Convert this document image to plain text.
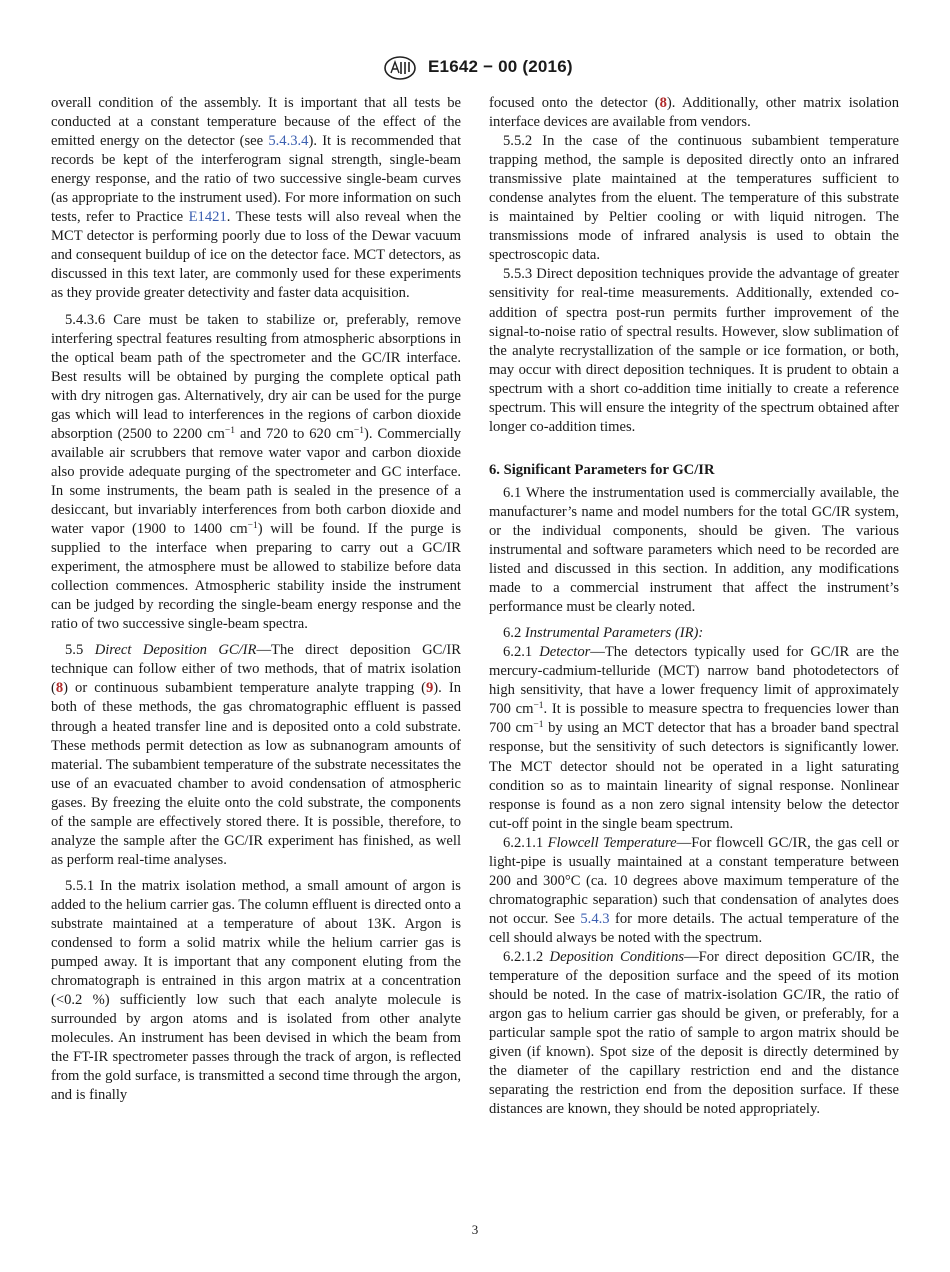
E1642 − 00 (2016)

overall condition of the assembly. It is important that all tests be conducted at a constant temperature because of the effect of the emitted energy on the detector (see 5.4.3.4). It is recommended that records be kept of the interferogram signal strength, single-beam energy response, and the ratio of two successive single-beam curves (as appropriate to the instrument used). For more information on such tests, refer to Practice E1421. These tests will also reveal when the MCT detector is performing poorly due to loss of the Dewar vacuum and consequent buildup of ice on the detector face. MCT detectors, as discussed in this text later, are commonly used for these experiments as they provide greater detectivity and faster data acquisition.

5.4.3.6 Care must be taken to stabilize or, preferably, remove interfering spectral features resulting from atmospheric absorptions in the optical beam path of the spectrometer and the GC/IR interface. Best results will be obtained by purging the complete optical path with dry nitrogen gas. Alternatively, dry air can be used for the purge gas which will lead to interferences in the regions of carbon dioxide absorption (2500 to 2200 $cm^{-1}$ and 720 to 620 $cm^{-1}$). Commercially available air scrubbers that remove water vapor and carbon dioxide also provide adequate purging of the spectrometer and GC interface. In some instruments, the beam path is sealed in the presence of a desiccant, but invariably interferences from both carbon dioxide and water vapor (1900 to 1400 $cm^{-1}$) will be found. If the purge is supplied to the interface when preparing to carry out a GC/IR experiment, the atmosphere must be allowed to stabilize before data collection commences. Atmospheric stability inside the instrument can be judged by recording the single-beam energy response and the ratio of two successive single-beam spectra.

5.5 Direct Deposition GC/IR—The direct deposition GC/IR technique can follow either of two methods, that of matrix isolation (8) or continuous subambient temperature analyte trapping (9). In both of these methods, the gas chromatographic effluent is passed through a heated transfer line and is deposited onto a cold substrate. These methods permit detection as low as subnanogram amounts of material. The subambient temperature of the substrate necessitates the use of an evacuated chamber to avoid condensation of atmospheric gases. By freezing the eluite onto the cold substrate, the components of the sample are effectively stored there. It is possible, therefore, to analyze the sample after the GC/IR experiment has finished, as well as perform real-time analyses.

5.5.1 In the matrix isolation method, a small amount of argon is added to the helium carrier gas. The column effluent is directed onto a substrate maintained at a temperature of about 13K. Argon is condensed to form a solid matrix while the helium carrier gas is pumped away. It is important that any component eluting from the chromatograph is entrained in this argon matrix at a concentration (<0.2 %) sufficiently low such that each analyte molecule is surrounded by argon atoms and is isolated from other analyte molecules. An instrument has been devised in which the beam from the FT-IR spectrometer passes through the track of argon, is reflected from the gold surface, is transmitted a second time through the argon, and is finally

focused onto the detector (8). Additionally, other matrix isolation interface devices are available from vendors.

5.5.2 In the case of the continuous subambient temperature trapping method, the sample is deposited directly onto an infrared transmissive plate maintained at the temperatures sufficient to condense analytes from the eluent. The temperature of this substrate is maintained by Peltier cooling or with liquid nitrogen. The transmissions mode of infrared analysis is used to obtain the spectroscopic data.

5.5.3 Direct deposition techniques provide the advantage of greater sensitivity for real-time measurements. Additionally, extended co-addition of spectra post-run permits further improvement of the signal-to-noise ratio of spectral results. However, slow sublimation of the analyte recrystallization of the sample or ice formation, or both, may occur with direct deposition techniques. It is prudent to obtain a spectrum with a short co-addition time initially to create a reference spectrum. This will ensure the integrity of the spectrum obtained after longer co-addition times.

6. Significant Parameters for GC/IR

6.1 Where the instrumentation used is commercially available, the manufacturer’s name and model numbers for the total GC/IR system, or the individual components, should be given. The various instrumental and software parameters which need to be recorded are listed and discussed in this section. In addition, any modifications made to a commercial instrument that affect the instrument’s performance must be clearly noted.

6.2 Instrumental Parameters (IR):

6.2.1 Detector—The detectors typically used for GC/IR are the mercury-cadmium-telluride (MCT) narrow band photodetectors of high sensitivity, that have a lower frequency limit of approximately 700 $cm^{-1}$. It is possible to measure spectra to frequencies lower than 700 $cm^{-1}$ by using an MCT detector that has a broader band spectral response, but the sensitivity of such detectors is significantly lower. The MCT detector should not be operated in a light saturating condition so as to maintain linearity of signal response. Nonlinear response is found as a non zero signal intensity below the detector cut-off point in the single beam spectrum.

6.2.1.1 Flowcell Temperature—For flowcell GC/IR, the gas cell or light-pipe is usually maintained at a constant temperature between 200 and 300°C (ca. 10 degrees above maximum temperature of the chromatographic separation) such that condensation of analytes does not occur. See 5.4.3 for more details. The actual temperature of the cell should always be noted with the spectrum.

6.2.1.2 Deposition Conditions—For direct deposition GC/IR, the temperature of the deposition surface and the speed of its motion should be noted. In the case of matrix-isolation GC/IR, the ratio of argon gas to helium carrier gas should be given, or preferably, for a particular sample spot the ratio of sample to argon matrix should be given (if known). Spot size of the deposit is directly determined by the diameter of the capillary restriction end and the distance separating the restriction end from the deposition surface. If these distances are known, they should be noted appropriately.

3
